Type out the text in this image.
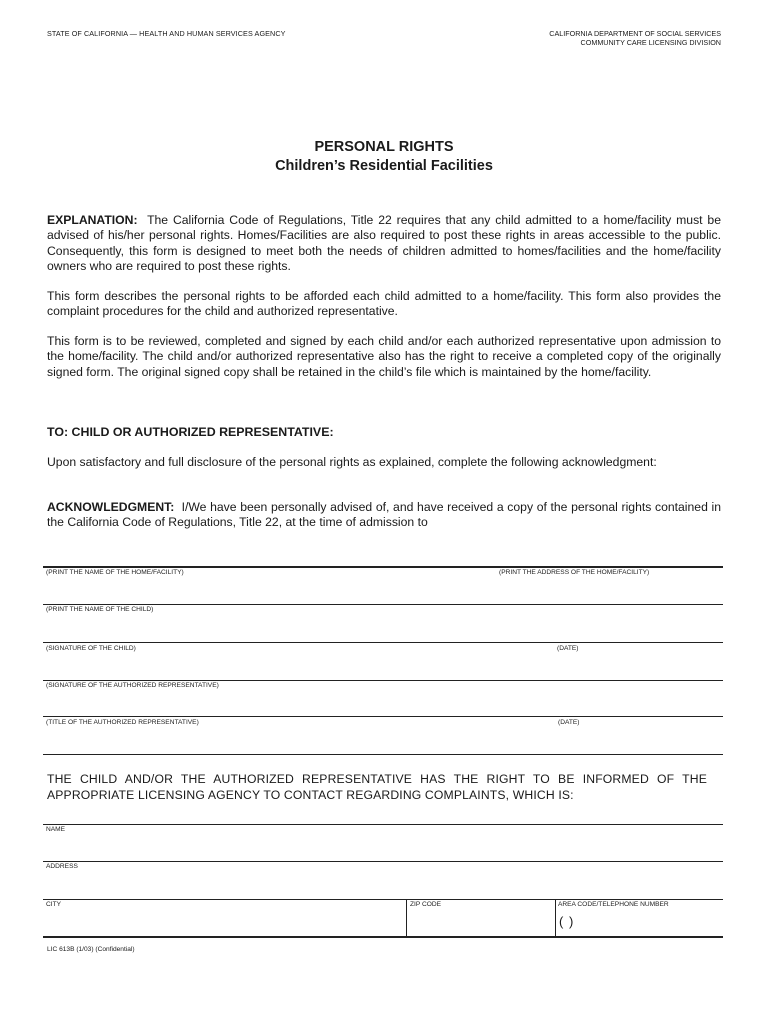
STATE OF CALIFORNIA — HEALTH AND HUMAN SERVICES AGENCY	CALIFORNIA DEPARTMENT OF SOCIAL SERVICES
COMMUNITY CARE LICENSING DIVISION
PERSONAL RIGHTS
Children’s Residential Facilities

EXPLANATION: The California Code of Regulations, Title 22 requires that any child admitted to a home/facility must be advised of his/her personal rights. Homes/Facilities are also required to post these rights in areas accessible to the public. Consequently, this form is designed to meet both the needs of children admitted to homes/facilities and the home/facility owners who are required to post these rights.

This form describes the personal rights to be afforded each child admitted to a home/facility. This form also provides the complaint procedures for the child and authorized representative.

This form is to be reviewed, completed and signed by each child and/or each authorized representative upon admission to the home/facility. The child and/or authorized representative also has the right to receive a completed copy of the originally signed form. The original signed copy shall be retained in the child’s file which is maintained by the home/facility.

TO: CHILD OR AUTHORIZED REPRESENTATIVE:

Upon satisfactory and full disclosure of the personal rights as explained, complete the following acknowledgment:

ACKNOWLEDGMENT: I/We have been personally advised of, and have received a copy of the personal rights contained in the California Code of Regulations, Title 22, at the time of admission to

(PRINT THE NAME OF THE HOME/FACILITY)	(PRINT THE ADDRESS OF THE HOME/FACILITY)
(PRINT THE NAME OF THE CHILD)
(SIGNATURE OF THE CHILD)	(DATE)
(SIGNATURE OF THE AUTHORIZED REPRESENTATIVE)
(TITLE OF THE AUTHORIZED REPRESENTATIVE)	(DATE)

THE CHILD AND/OR THE AUTHORIZED REPRESENTATIVE HAS THE RIGHT TO BE INFORMED OF THE APPROPRIATE LICENSING AGENCY TO CONTACT REGARDING COMPLAINTS, WHICH IS:

NAME
ADDRESS
CITY	ZIP CODE	AREA CODE/TELEPHONE NUMBER
( )
LIC 613B (1/03) (Confidential)
